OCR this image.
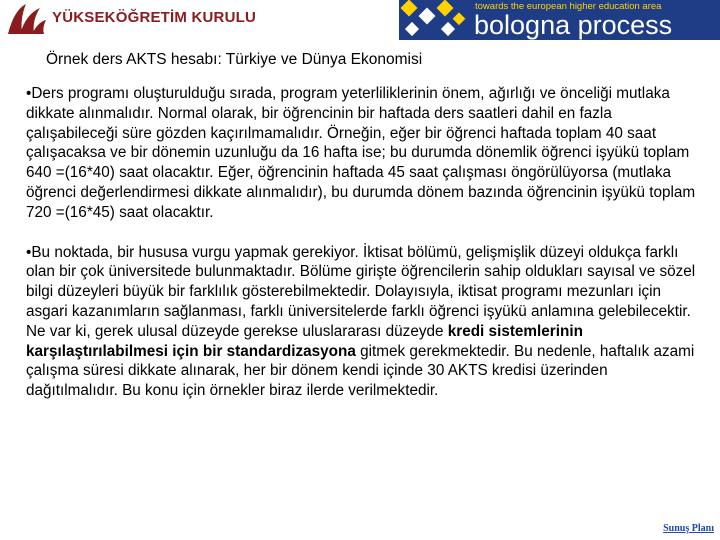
YÜKSEKÖĞRETİM KURULU
towards the european higher education area
bologna process
Örnek ders AKTS hesabı: Türkiye ve Dünya Ekonomisi

•Ders programı oluşturulduğu sırada, program yeterliliklerinin önem, ağırlığı ve önceliği mutlaka dikkate alınmalıdır. Normal olarak, bir öğrencinin bir haftada ders saatleri dahil en fazla çalışabileceği süre gözden kaçırılmamalıdır. Örneğin, eğer bir öğrenci haftada toplam 40 saat çalışacaksa ve bir dönemin uzunluğu da 16 hafta ise; bu durumda dönemlik öğrenci işyükü toplam 640 =(16*40) saat olacaktır. Eğer, öğrencinin haftada 45 saat çalışması öngörülüyorsa (mutlaka öğrenci değerlendirmesi dikkate alınmalıdır), bu durumda dönem bazında öğrencinin işyükü toplam 720 =(16*45) saat olacaktır.

•Bu noktada, bir hususa vurgu yapmak gerekiyor. İktisat bölümü, gelişmişlik düzeyi oldukça farklı olan bir çok üniversitede bulunmaktadır. Bölüme girişte öğrencilerin sahip oldukları sayısal ve sözel bilgi düzeyleri büyük bir farklılık gösterebilmektedir. Dolayısıyla, iktisat programı mezunları için asgari kazanımların sağlanması, farklı üniversitelerde farklı öğrenci işyükü anlamına gelebilecektir. Ne var ki, gerek ulusal düzeyde gerekse uluslararası düzeyde kredi sistemlerinin karşılaştırılabilmesi için bir standardizasyona gitmek gerekmektedir. Bu nedenle, haftalık azami çalışma süresi dikkate alınarak, her bir dönem kendi içinde 30 AKTS kredisi üzerinden dağıtılmalıdır. Bu konu için örnekler biraz ilerde verilmektedir.

Sunuş Planı
